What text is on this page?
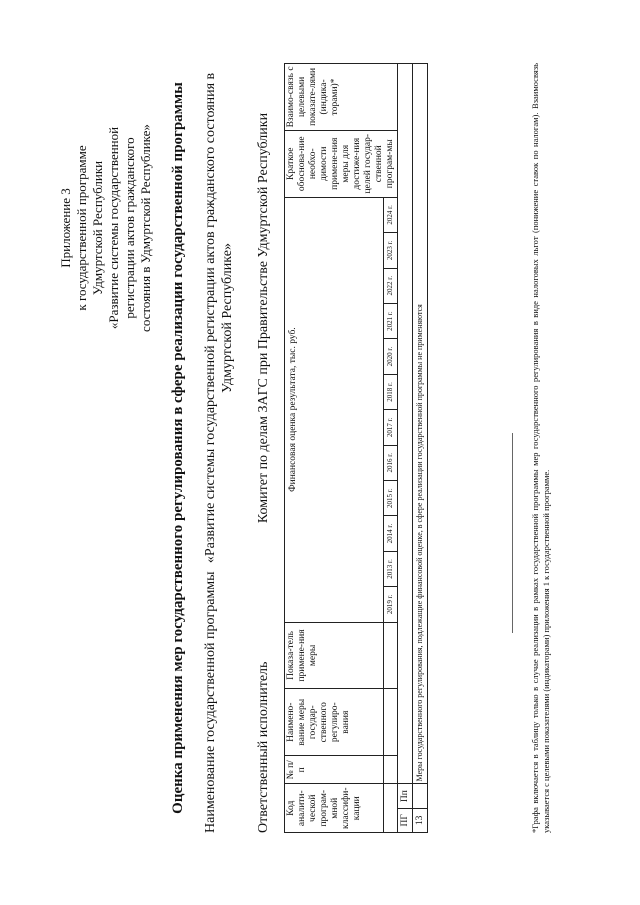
Приложение 3 к государственной программе Удмуртской Республики «Развитие системы государственной регистрации актов гражданского состояния в Удмуртской Республике» Оценка применения мер государственного регулирования в сфере реализации государственной программы Наименование государственной программы
«Развитие системы государственной регистрации актов гражданского состояния в Удмуртской Республике»
Ответственный исполнитель
Комитет по делам ЗАГС при Правительстве Удмуртской Республики
Код аналити-ческой програм-мной классифи-кации		№ п/п	Наимено-вание меры государ-ственного регулиро-вания	Показа-тель примене-ния меры	Финансовая оценка результата, тыс. руб.												Краткое обоснова-ние необхо-димости примене-ния меры для достиже-ния целей государ-ственной програм-мы	Взаимо-связь с целевыми показате-лями (индика-торами)*
					2019 г.	2013 г.	2014 г.	2015 г.	2016 г.	2017 г.	2018 г.	2020 г.	2021 г.	2022 г.	2023 г.	2024 г.		
ПГ	Пп																	
13		Меры государственного регулирования, подлежащие финансовой оценке, в сфере реализации государственной программы не применяются																	*Графа включается в таблицу только в случае реализации в рамках государственной программы мер государственного регулирования в виде налоговых льгот (понижение ставок по налогам). Взаимосвязь указывается с целевыми показателями (индикаторами) приложения 1 к государственной программе.
